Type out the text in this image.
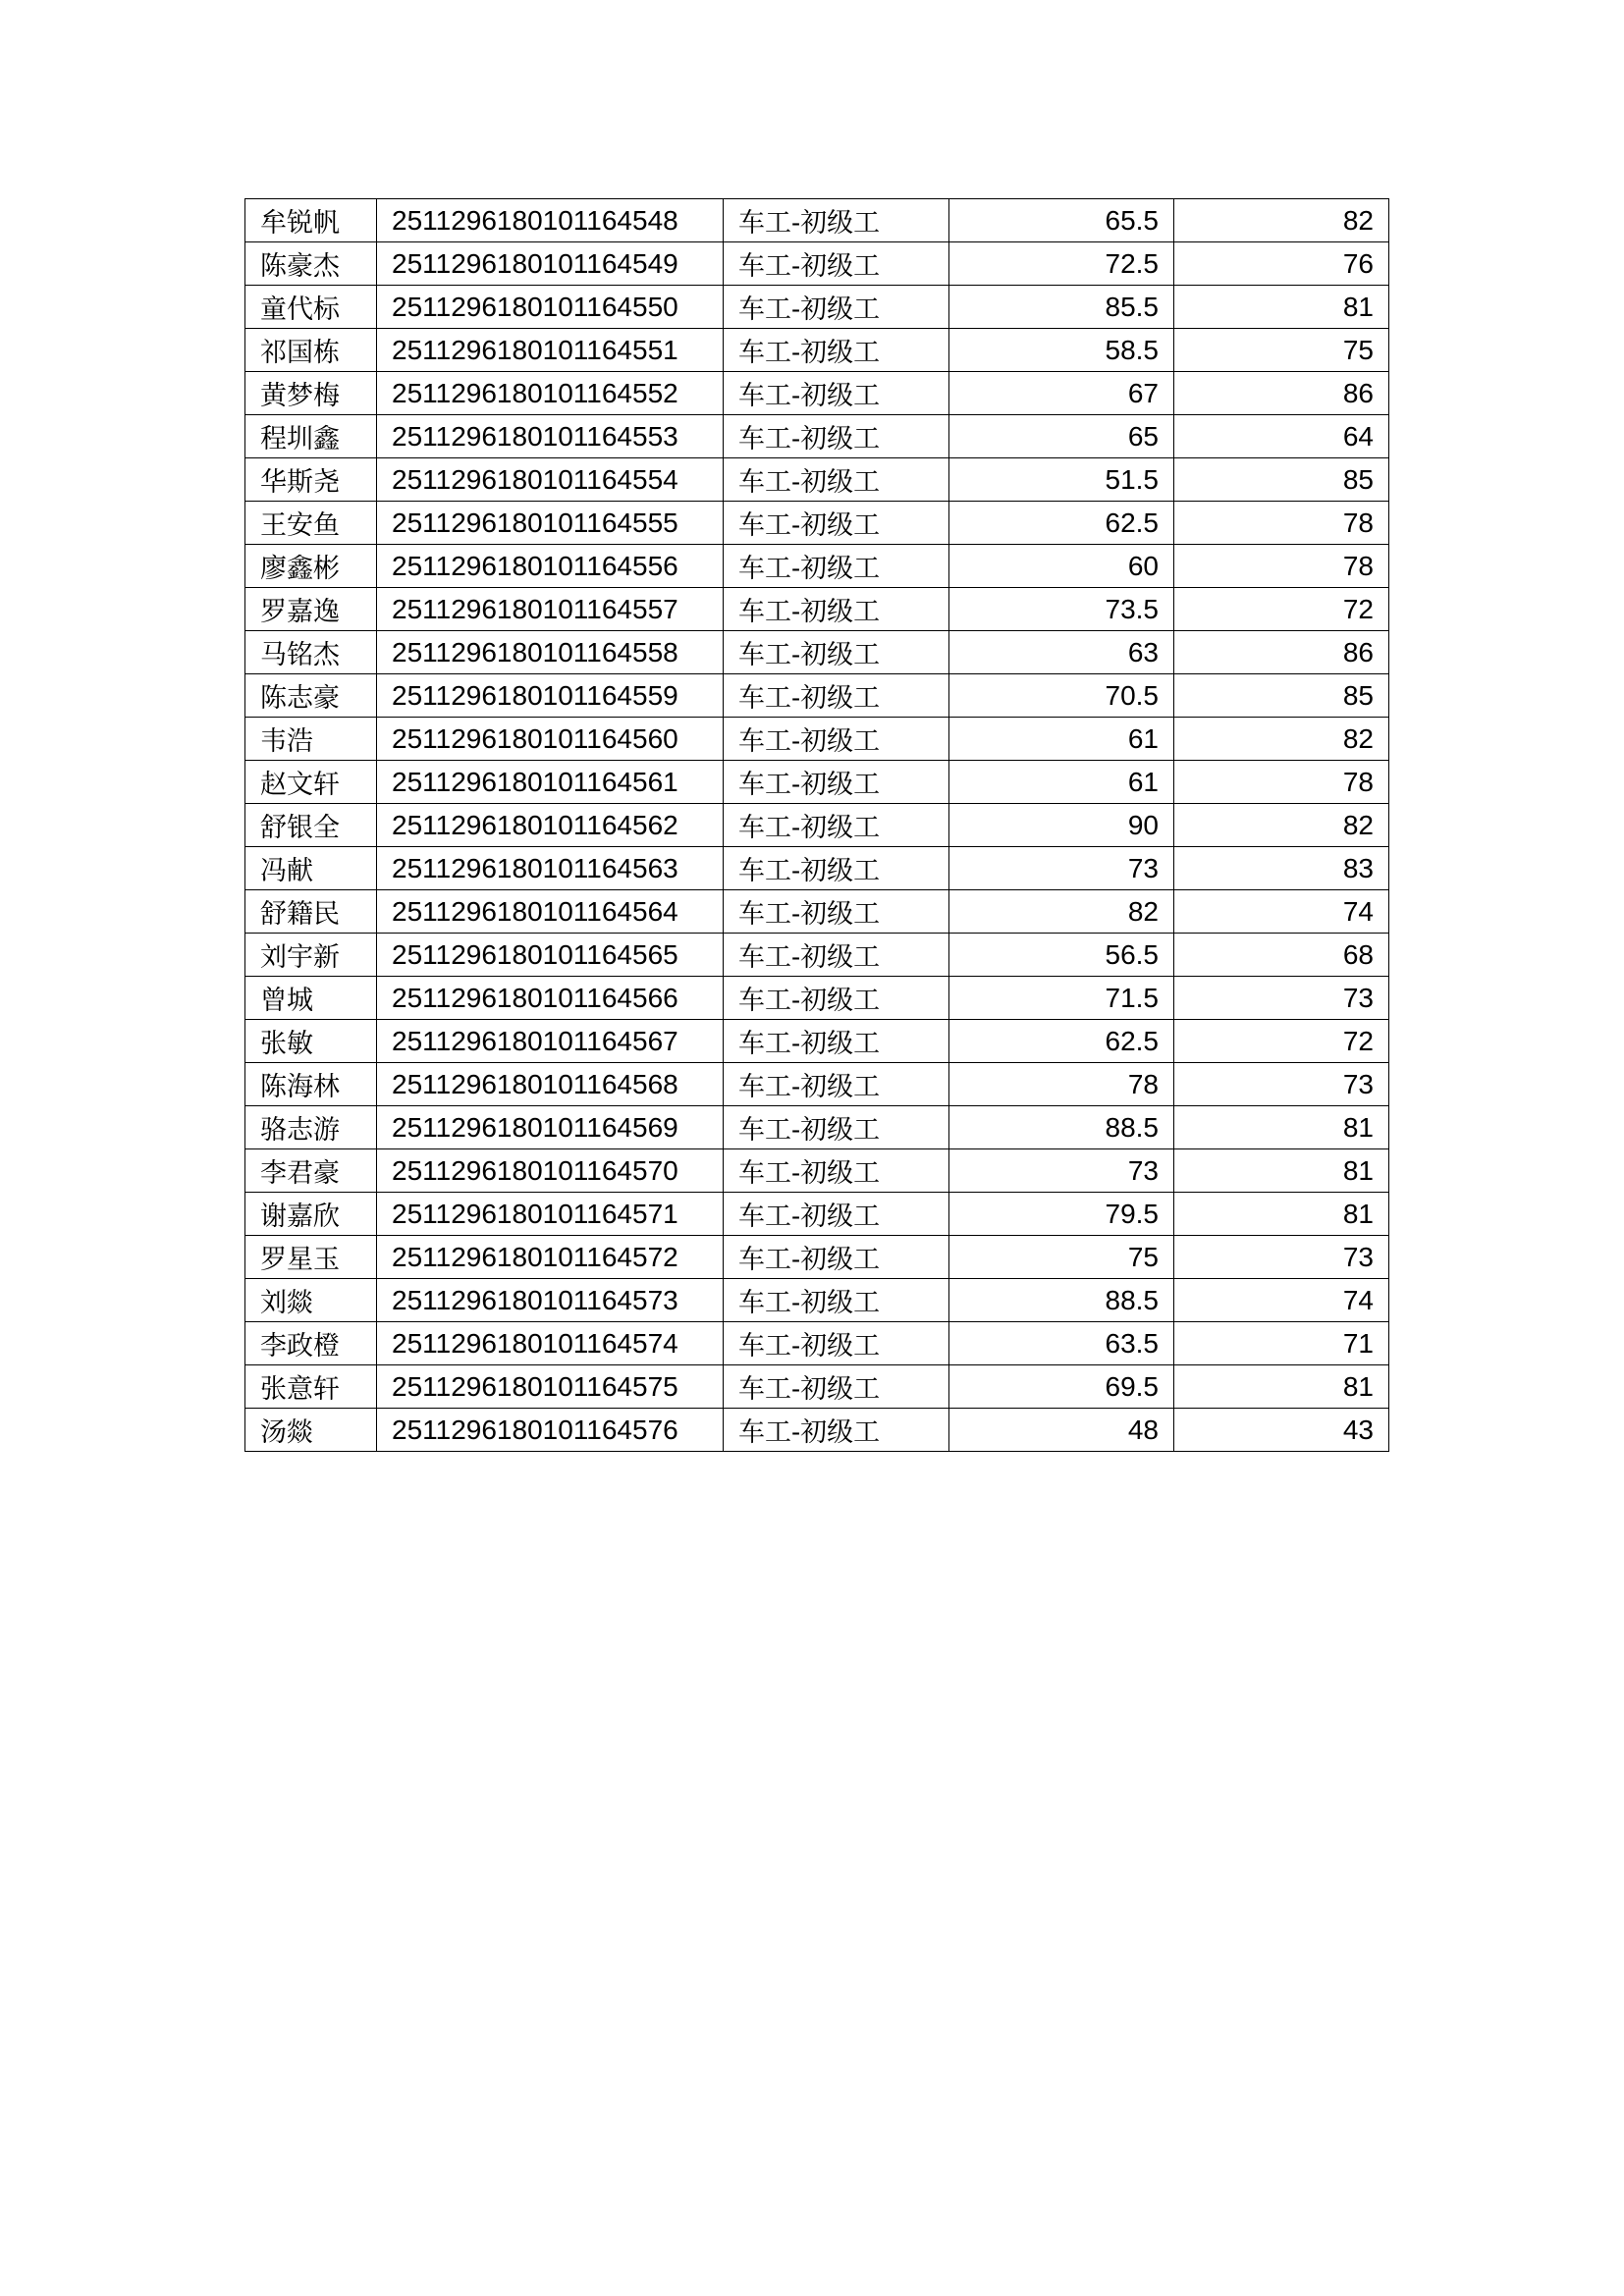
牟锐帆	2511296180101164548	车工-初级工	65.5	82
陈豪杰	2511296180101164549	车工-初级工	72.5	76
童代标	2511296180101164550	车工-初级工	85.5	81
祁国栋	2511296180101164551	车工-初级工	58.5	75
黄梦梅	2511296180101164552	车工-初级工	67	86
程圳鑫	2511296180101164553	车工-初级工	65	64
华斯尧	2511296180101164554	车工-初级工	51.5	85
王安鱼	2511296180101164555	车工-初级工	62.5	78
廖鑫彬	2511296180101164556	车工-初级工	60	78
罗嘉逸	2511296180101164557	车工-初级工	73.5	72
马铭杰	2511296180101164558	车工-初级工	63	86
陈志豪	2511296180101164559	车工-初级工	70.5	85
韦浩	2511296180101164560	车工-初级工	61	82
赵文轩	2511296180101164561	车工-初级工	61	78
舒银全	2511296180101164562	车工-初级工	90	82
冯献	2511296180101164563	车工-初级工	73	83
舒籍民	2511296180101164564	车工-初级工	82	74
刘宇新	2511296180101164565	车工-初级工	56.5	68
曾城	2511296180101164566	车工-初级工	71.5	73
张敏	2511296180101164567	车工-初级工	62.5	72
陈海林	2511296180101164568	车工-初级工	78	73
骆志游	2511296180101164569	车工-初级工	88.5	81
李君豪	2511296180101164570	车工-初级工	73	81
谢嘉欣	2511296180101164571	车工-初级工	79.5	81
罗星玉	2511296180101164572	车工-初级工	75	73
刘燚	2511296180101164573	车工-初级工	88.5	74
李政橙	2511296180101164574	车工-初级工	63.5	71
张意轩	2511296180101164575	车工-初级工	69.5	81
汤燚	2511296180101164576	车工-初级工	48	43
